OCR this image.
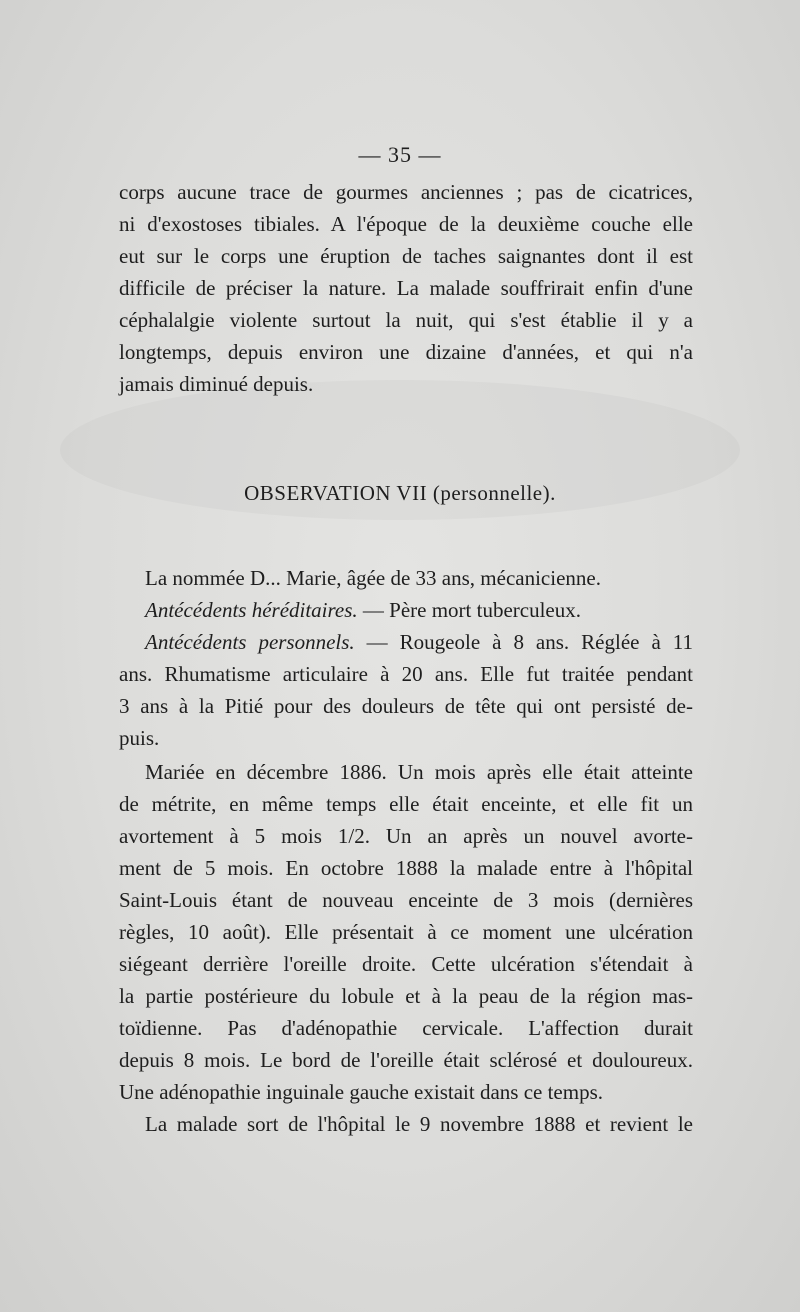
— 35 —
corps aucune trace de gourmes anciennes ; pas de cicatrices,
ni d'exostoses tibiales. A l'époque de la deuxième couche elle
eut sur le corps une éruption de taches saignantes dont il est
difficile de préciser la nature. La malade souffrirait enfin d'une
céphalalgie violente surtout la nuit, qui s'est établie il y a
longtemps, depuis environ une dizaine d'années, et qui n'a
jamais diminué depuis.
OBSERVATION VII (personnelle).
La nommée D... Marie, âgée de 33 ans, mécanicienne.
Antécédents héréditaires. — Père mort tuberculeux.
Antécédents personnels. — Rougeole à 8 ans. Réglée à 11
ans. Rhumatisme articulaire à 20 ans. Elle fut traitée pendant
3 ans à la Pitié pour des douleurs de tête qui ont persisté de-
puis.
Mariée en décembre 1886. Un mois après elle était atteinte
de métrite, en même temps elle était enceinte, et elle fit un
avortement à 5 mois 1/2. Un an après un nouvel avorte-
ment de 5 mois. En octobre 1888 la malade entre à l'hôpital
Saint-Louis étant de nouveau enceinte de 3 mois (dernières
règles, 10 août). Elle présentait à ce moment une ulcération
siégeant derrière l'oreille droite. Cette ulcération s'étendait à
la partie postérieure du lobule et à la peau de la région mas-
toïdienne. Pas d'adénopathie cervicale. L'affection durait
depuis 8 mois. Le bord de l'oreille était sclérosé et douloureux.
Une adénopathie inguinale gauche existait dans ce temps.
La malade sort de l'hôpital le 9 novembre 1888 et revient le
